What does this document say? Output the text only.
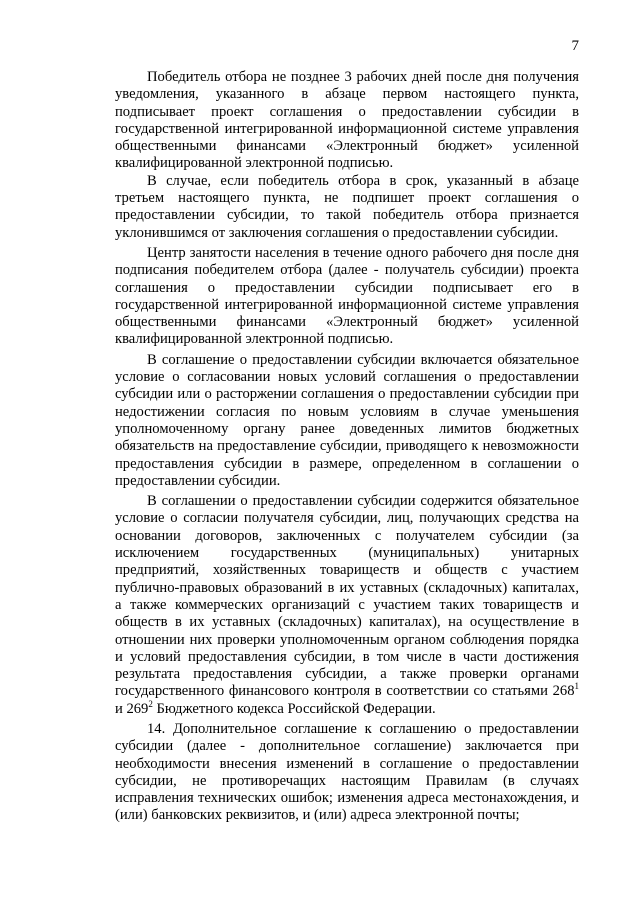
7

Победитель отбора не позднее 3 рабочих дней после дня получения уведомления, указанного в абзаце первом настоящего пункта, подписывает проект соглашения о предоставлении субсидии в государственной интегрированной информационной системе управления общественными финансами «Электронный бюджет» усиленной квалифицированной электронной подписью.

В случае, если победитель отбора в срок, указанный в абзаце третьем настоящего пункта, не подпишет проект соглашения о предоставлении субсидии, то такой победитель отбора признается уклонившимся от заключения соглашения о предоставлении субсидии.

Центр занятости населения в течение одного рабочего дня после дня подписания победителем отбора (далее - получатель субсидии) проекта соглашения о предоставлении субсидии подписывает его в государственной интегрированной информационной системе управления общественными финансами «Электронный бюджет» усиленной квалифицированной электронной подписью.

В соглашение о предоставлении субсидии включается обязательное условие о согласовании новых условий соглашения о предоставлении субсидии или о расторжении соглашения о предоставлении субсидии при недостижении согласия по новым условиям в случае уменьшения уполномоченному органу ранее доведенных лимитов бюджетных обязательств на предоставление субсидии, приводящего к невозможности предоставления субсидии в размере, определенном в соглашении о предоставлении субсидии.

В соглашении о предоставлении субсидии содержится обязательное условие о согласии получателя субсидии, лиц, получающих средства на основании договоров, заключенных с получателем субсидии (за исключением государственных (муниципальных) унитарных предприятий, хозяйственных товариществ и обществ с участием публично-правовых образований в их уставных (складочных) капиталах, а также коммерческих организаций с участием таких товариществ и обществ в их уставных (складочных) капиталах), на осуществление в отношении них проверки уполномоченным органом соблюдения порядка и условий предоставления субсидии, в том числе в части достижения результата предоставления субсидии, а также проверки органами государственного финансового контроля в соответствии со статьями $268^1$ и $269^2$ Бюджетного кодекса Российской Федерации.

14. Дополнительное соглашение к соглашению о предоставлении субсидии (далее - дополнительное соглашение) заключается при необходимости внесения изменений в соглашение о предоставлении субсидии, не противоречащих настоящим Правилам (в случаях исправления технических ошибок; изменения адреса местонахождения, и (или) банковских реквизитов, и (или) адреса электронной почты;
